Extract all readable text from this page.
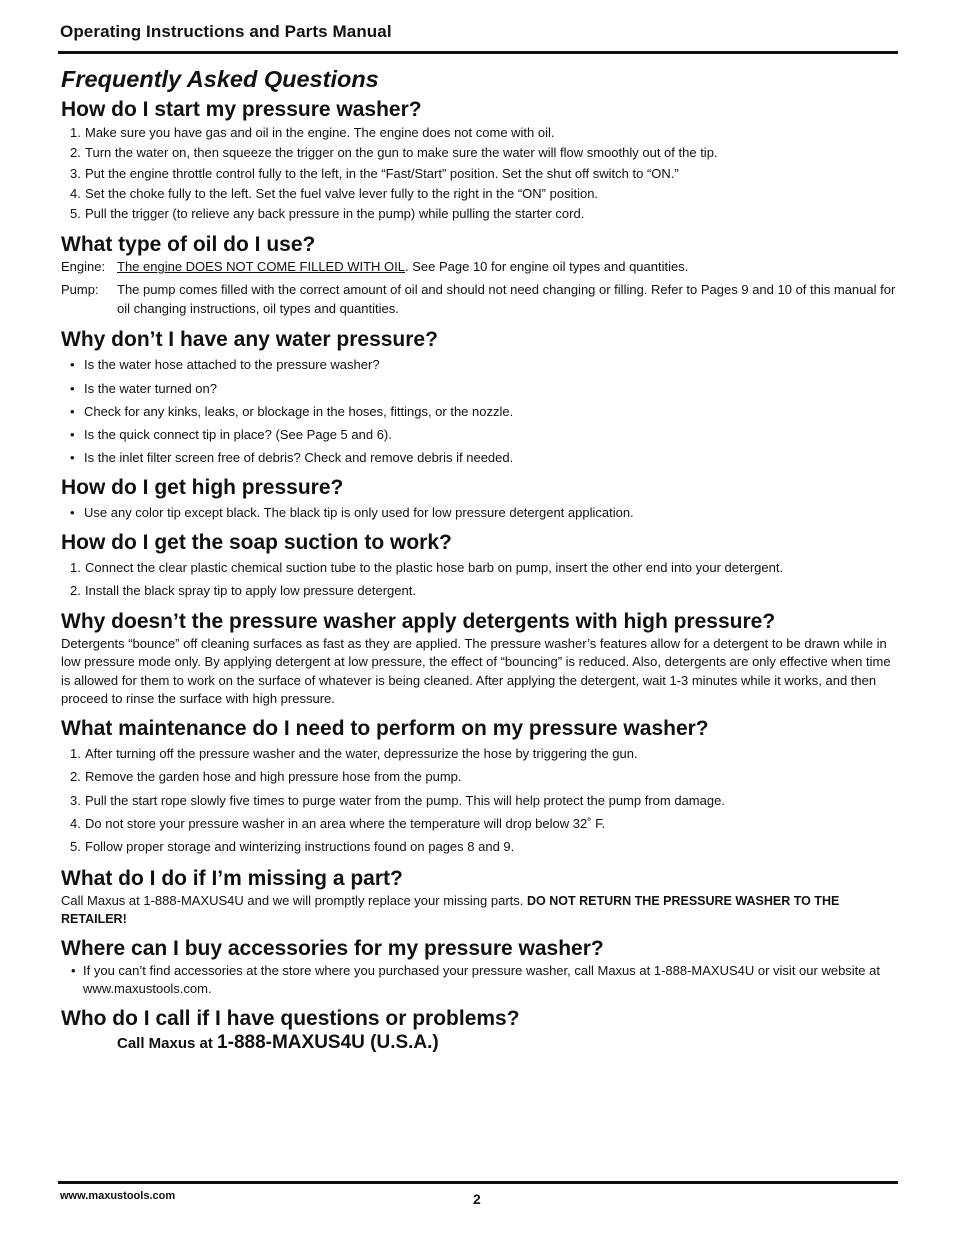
Operating Instructions and Parts Manual
Frequently Asked Questions
How do I start my pressure washer?
1. Make sure you have gas and oil in the engine. The engine does not come with oil.
2. Turn the water on, then squeeze the trigger on the gun to make sure the water will flow smoothly out of the tip.
3. Put the engine throttle control fully to the left, in the “Fast/Start” position. Set the shut off switch to “ON.”
4. Set the choke fully to the left. Set the fuel valve lever fully to the right in the “ON” position.
5. Pull the trigger (to relieve any back pressure in the pump) while pulling the starter cord.
What type of oil do I use?
Engine: The engine DOES NOT COME FILLED WITH OIL. See Page 10 for engine oil types and quantities.
Pump:	The pump comes filled with the correct amount of oil and should not need changing or filling. Refer to Pages 9 and 10 of this manual for oil changing instructions, oil types and quantities.
Why don’t I have any water pressure?
• Is the water hose attached to the pressure washer?
• Is the water turned on?
• Check for any kinks, leaks, or blockage in the hoses, fittings, or the nozzle.
• Is the quick connect tip in place? (See Page 5 and 6).
• Is the inlet filter screen free of debris? Check and remove debris if needed.
How do I get high pressure?
• Use any color tip except black. The black tip is only used for low pressure detergent application.
How do I get the soap suction to work?
1. Connect the clear plastic chemical suction tube to the plastic hose barb on pump, insert the other end into your detergent.
2. Install the black spray tip to apply low pressure detergent.
Why doesn’t the pressure washer apply detergents with high pressure?

Detergents “bounce” off cleaning surfaces as fast as they are applied. The pressure washer’s features allow for a detergent to be drawn while in low pressure mode only. By applying detergent at low pressure, the effect of “bouncing” is reduced. Also, detergents are only effective when time is allowed for them to work on the surface of whatever is being cleaned. After applying the detergent, wait 1-3 minutes while it works, and then proceed to rinse the surface with high pressure.

What maintenance do I need to perform on my pressure washer?
1. After turning off the pressure washer and the water, depressurize the hose by triggering the gun.
2. Remove the garden hose and high pressure hose from the pump.
3. Pull the start rope slowly five times to purge water from the pump. This will help protect the pump from damage.
4. Do not store your pressure washer in an area where the temperature will drop below 32˚ F.
5. Follow proper storage and winterizing instructions found on pages 8 and 9.
What do I do if I’m missing a part?

Call Maxus at 1-888-MAXUS4U and we will promptly replace your missing parts. DO NOT RETURN THE PRESSURE WASHER TO THE RETAILER!

Where can I buy accessories for my pressure washer?
• If you can’t find accessories at the store where you purchased your pressure washer, call Maxus at 1-888-MAXUS4U or visit our website at www.maxustools.com.
Who do I call if I have questions or problems?
Call Maxus at 1-888-MAXUS4U (U.S.A.)
www.maxustools.com	2
